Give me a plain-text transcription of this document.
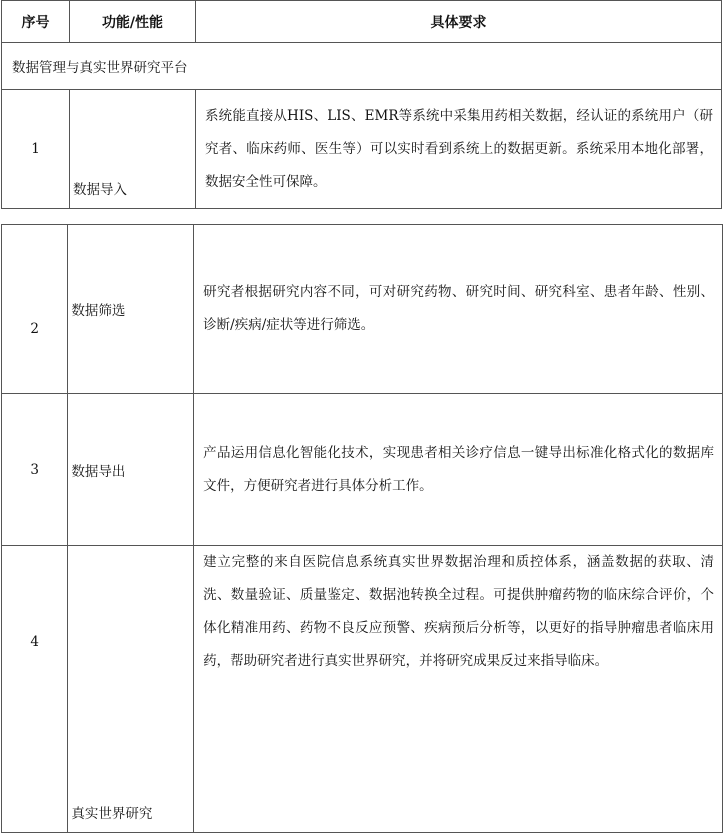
序号	功能/性能	具体要求
数据管理与真实世界研究平台		
1	数据导入	系统能直接从HIS、LIS、EMR等系统中采集用药相关数据，经认证的系统用户（研究者、临床药师、医生等）可以实时看到系统上的数据更新。系统采用本地化部署，数据安全性可保障。
2	数据筛选	研究者根据研究内容不同，可对研究药物、研究时间、研究科室、患者年龄、性别、诊断/疾病/症状等进行筛选。
3	数据导出	产品运用信息化智能化技术，实现患者相关诊疗信息一键导出标准化格式化的数据库文件，方便研究者进行具体分析工作。
4	真实世界研究	建立完整的来自医院信息系统真实世界数据治理和质控体系，涵盖数据的获取、清洗、数量验证、质量鉴定、数据池转换全过程。可提供肿瘤药物的临床综合评价，个体化精准用药、药物不良反应预警、疾病预后分析等，以更好的指导肿瘤患者临床用药，帮助研究者进行真实世界研究，并将研究成果反过来指导临床。
